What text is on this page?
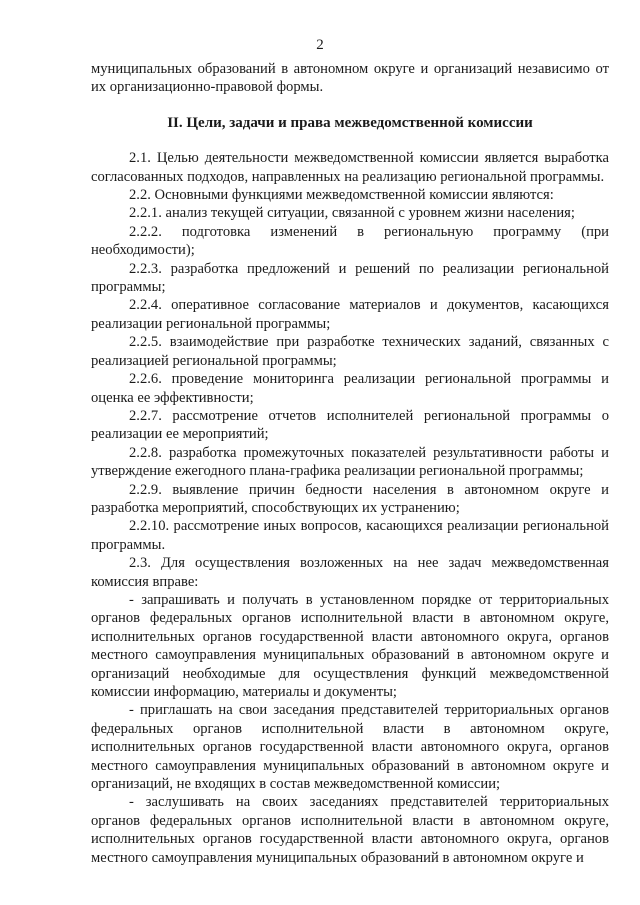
2

муниципальных образований в автономном округе и организаций независимо от их организационно-правовой формы.

II. Цели, задачи и права межведомственной комиссии

2.1. Целью деятельности межведомственной комиссии является выработка согласованных подходов, направленных на реализацию региональной программы.

2.2. Основными функциями межведомственной комиссии являются:

2.2.1. анализ текущей ситуации, связанной с уровнем жизни населения;

2.2.2. подготовка изменений в региональную программу (при необходимости);

2.2.3. разработка предложений и решений по реализации региональной программы;

2.2.4. оперативное согласование материалов и документов, касающихся реализации региональной программы;

2.2.5. взаимодействие при разработке технических заданий, связанных с реализацией региональной программы;

2.2.6. проведение мониторинга реализации региональной программы и оценка ее эффективности;

2.2.7. рассмотрение отчетов исполнителей региональной программы о реализации ее мероприятий;

2.2.8. разработка промежуточных показателей результативности работы и утверждение ежегодного плана-графика реализации региональной программы;

2.2.9. выявление причин бедности населения в автономном округе и разработка мероприятий, способствующих их устранению;

2.2.10. рассмотрение иных вопросов, касающихся реализации региональной программы.

2.3. Для осуществления возложенных на нее задач межведомственная комиссия вправе:

- запрашивать и получать в установленном порядке от территориальных органов федеральных органов исполнительной власти в автономном округе, исполнительных органов государственной власти автономного округа, органов местного самоуправления муниципальных образований в автономном округе и организаций необходимые для осуществления функций межведомственной комиссии информацию, материалы и документы;

- приглашать на свои заседания представителей территориальных органов федеральных органов исполнительной власти в автономном округе, исполнительных органов государственной власти автономного округа, органов местного самоуправления муниципальных образований в автономном округе и организаций, не входящих в состав межведомственной комиссии;

- заслушивать на своих заседаниях представителей территориальных органов федеральных органов исполнительной власти в автономном округе, исполнительных органов государственной власти автономного округа, органов местного самоуправления муниципальных образований в автономном округе и
